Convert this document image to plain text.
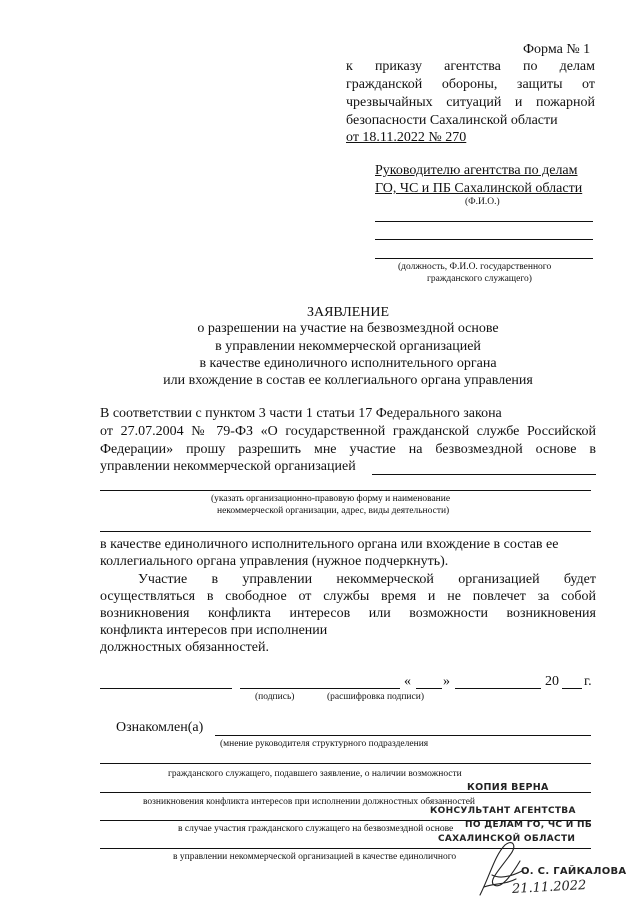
Форма № 1
к приказу агентства по делам
гражданской обороны, защиты от
чрезвычайных ситуаций и пожарной
безопасности Сахалинской области
от 18.11.2022 № 270
Руководителю агентства по делам
ГО, ЧС и ПБ Сахалинской области
(Ф.И.О.)
(должность, Ф.И.О. государственного
гражданского служащего)
ЗАЯВЛЕНИЕ
о разрешении на участие на безвозмездной основе
в управлении некоммерческой организацией
в качестве единоличного исполнительного органа
или вхождение в состав ее коллегиального органа управления
В соответствии с пунктом 3 части 1 статьи 17 Федерального закона
от 27.07.2004 № 79-ФЗ «О государственной гражданской службе Российской
Федерации» прошу разрешить мне участие на безвозмездной основе в
управлении некоммерческой организацией
(указать организационно-правовую форму и наименование
некоммерческой организации, адрес, виды деятельности)
в качестве единоличного исполнительного органа или вхождение в состав ее
коллегиального органа управления (нужное подчеркнуть).
Участие в управлении некоммерческой организацией будет
осуществляться в свободное от службы время и не повлечет за собой
возникновения конфликта интересов или возможности возникновения
конфликта интересов при исполнении
должностных обязанностей.
« »	20 г.
(подпись)	(расшифровка подписи)
Ознакомлен(а)
(мнение руководителя структурного подразделения
гражданского служащего, подавшего заявление, о наличии возможности
возникновения конфликта интересов при исполнении должностных обязанностей
в случае участия гражданского служащего на безвозмездной основе
в управлении некоммерческой организацией в качестве единоличного
КОПИЯ ВЕРНА
КОНСУЛЬТАНТ АГЕНТСТВА
ПО ДЕЛАМ ГО, ЧС И ПБ
САХАЛИНСКОЙ ОБЛАСТИ
О. С. ГАЙКАЛОВА
21.11.2022
